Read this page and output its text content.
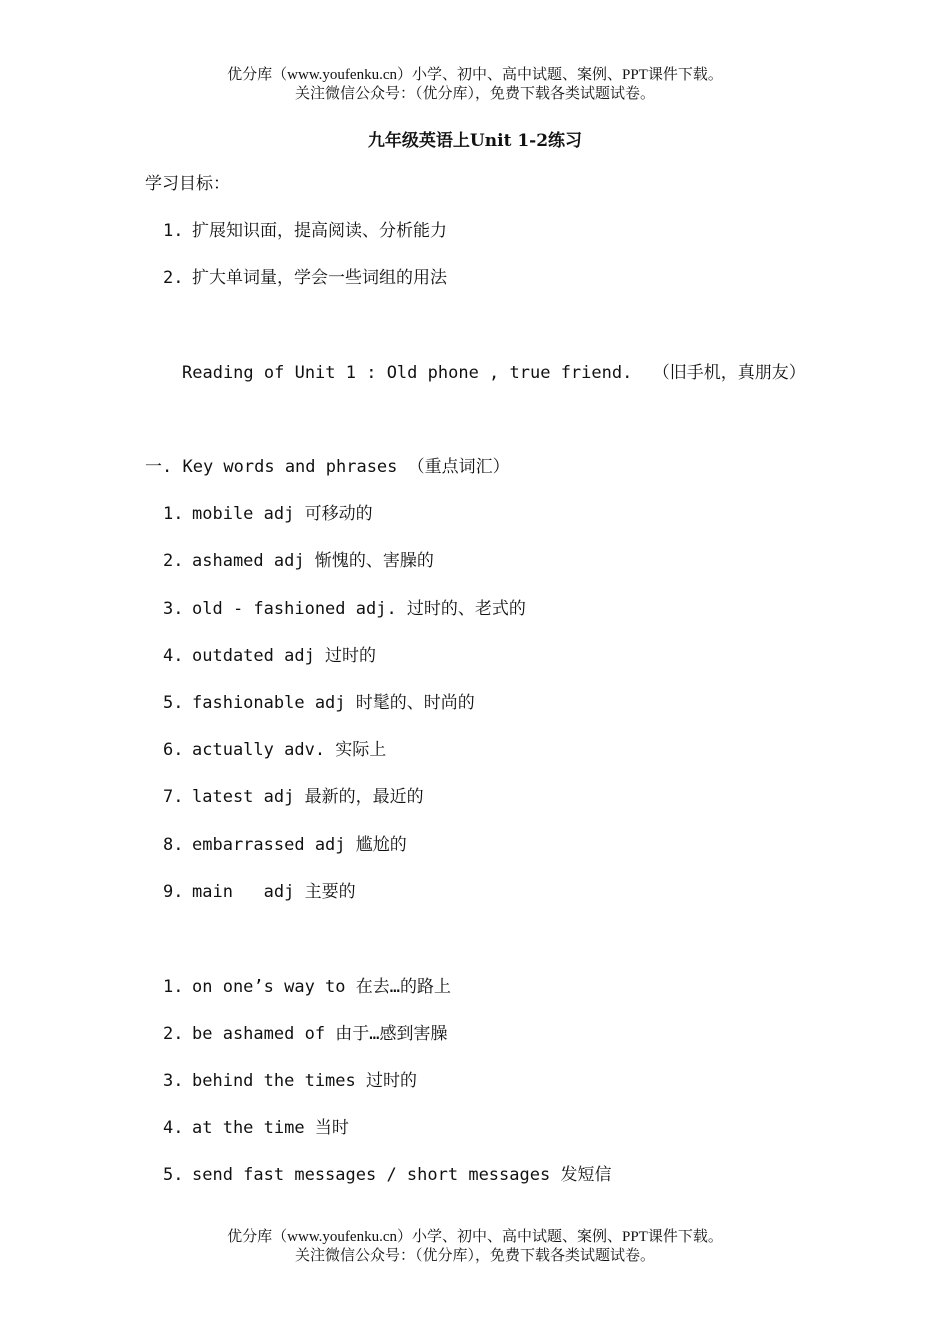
优分库（www.youfenku.cn）小学、初中、高中试题、案例、PPT课件下载。
关注微信公众号：（优分库），免费下载各类试题试卷。
九年级英语上Unit 1-2练习
学习目标：
1. 扩展知识面，提高阅读、分析能力
2. 扩大单词量，学会一些词组的用法
Reading of Unit 1 : Old phone , true friend.  （旧手机，真朋友）
一. Key words and phrases （重点词汇）
1. mobile adj 可移动的
2. ashamed adj 惭愧的、害臊的
3. old - fashioned adj. 过时的、老式的
4. outdated adj 过时的
5. fashionable adj 时髦的、时尚的
6. actually adv. 实际上
7. latest adj 最新的，最近的
8. embarrassed adj 尴尬的
9. main   adj 主要的
1. on one’s way to 在去…的路上
2. be ashamed of 由于…感到害臊
3. behind the times 过时的
4. at the time 当时
5. send fast messages / short messages 发短信
优分库（www.youfenku.cn）小学、初中、高中试题、案例、PPT课件下载。
关注微信公众号：（优分库），免费下载各类试题试卷。
